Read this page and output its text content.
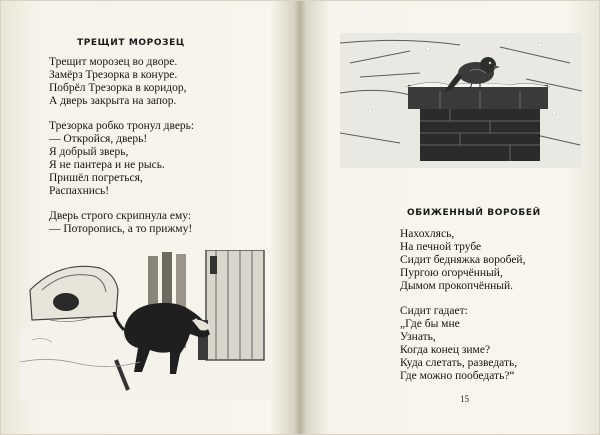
ТРЕЩИТ МОРОЗЕЦ
Трещит морозец во дворе.
Замёрз Трезорка в конуре.
Побрёл Трезорка в коридор,
А дверь закрыта на запор.
Трезорка робко тронул дверь:
— Откройся, дверь!
Я добрый зверь,
Я не пантера и не рысь.
Пришёл погреться,
Распахнись!
Дверь строго скрипнула ему:
— Поторопись, а то прижму!
ОБИЖЕННЫЙ ВОРОБЕЙ
Нахохлясь,
На печной трубе
Сидит бедняжка воробей,
Пургою огорчённый,
Дымом прокопчённый.
Сидит гадает:
„Где бы мне
Узнать,
Когда конец зиме?
Куда слетать, разведать,
Где можно пообедать?“
15
